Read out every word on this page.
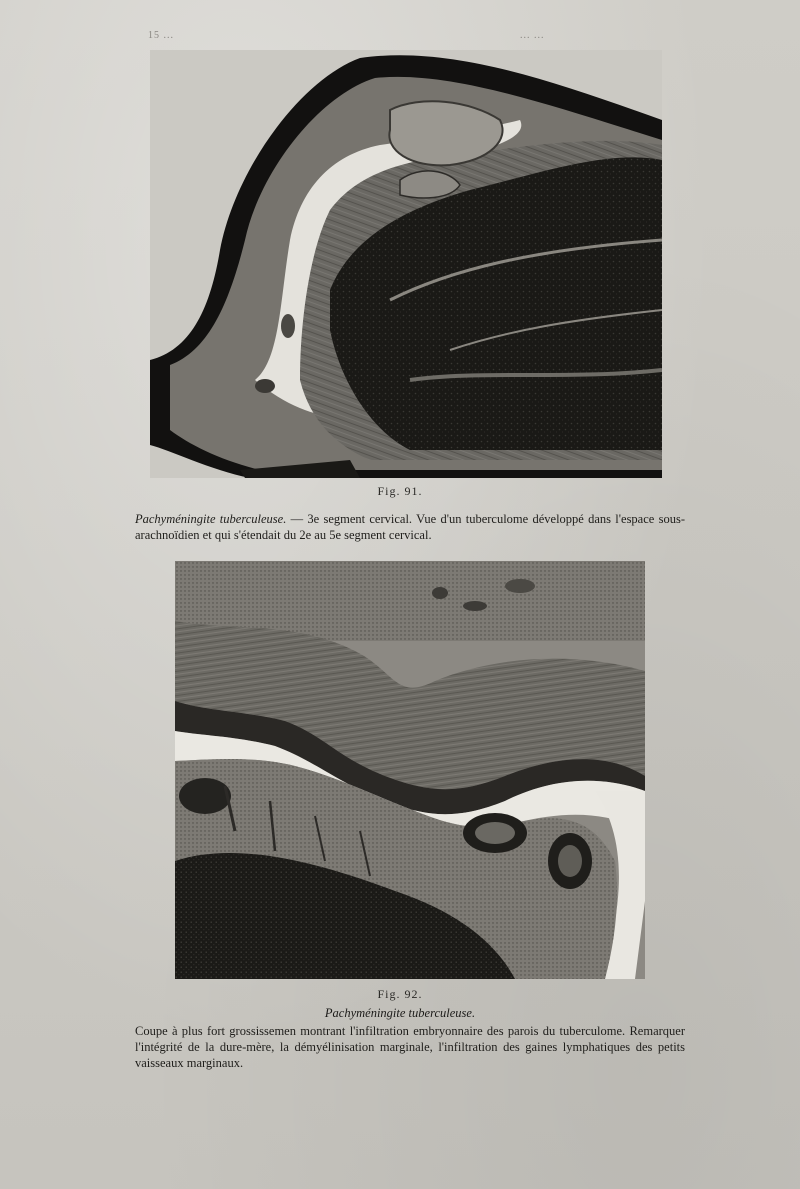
15 ...	... ...
Fig. 91.
Pachyméningite tuberculeuse. — 3e segment cervical. Vue d'un tuberculome développé dans l'espace sous-arachnoïdien et qui s'étendait du 2e au 5e segment cervical.
Fig. 92.
Pachyméningite tuberculeuse.
Coupe à plus fort grossissemen montrant l'infiltration embryonnaire des parois du tuberculome. Remarquer l'intégrité de la dure-mère, la démyélinisation marginale, l'infiltration des gaines lymphatiques des petits vaisseaux marginaux.
